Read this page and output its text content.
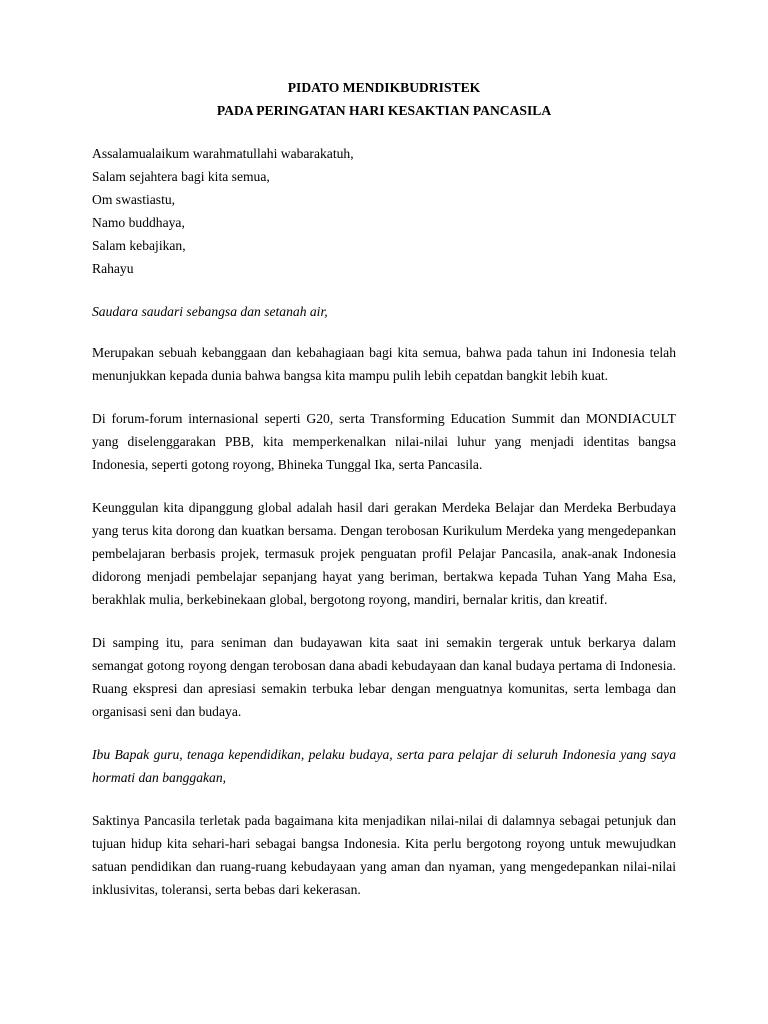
PIDATO MENDIKBUDRISTEK

PADA PERINGATAN HARI KESAKTIAN PANCASILA

Assalamualaikum warahmatullahi wabarakatuh,
Salam sejahtera bagi kita semua,
Om swastiastu,
Namo buddhaya,
Salam kebajikan,
Rahayu

Saudara saudari sebangsa dan setanah air,

Merupakan sebuah kebanggaan dan kebahagiaan bagi kita semua, bahwa pada tahun ini Indonesia telah menunjukkan kepada dunia bahwa bangsa kita mampu pulih lebih cepatdan bangkit lebih kuat.

Di forum-forum internasional seperti G20, serta Transforming Education Summit dan MONDIACULT yang diselenggarakan PBB, kita memperkenalkan nilai-nilai luhur yang menjadi identitas bangsa Indonesia, seperti gotong royong, Bhineka Tunggal Ika, serta Pancasila.

Keunggulan kita dipanggung global adalah hasil dari gerakan Merdeka Belajar dan Merdeka Berbudaya yang terus kita dorong dan kuatkan bersama. Dengan terobosan Kurikulum Merdeka yang mengedepankan pembelajaran berbasis projek, termasuk projek penguatan profil Pelajar Pancasila, anak-anak Indonesia didorong menjadi pembelajar sepanjang hayat yang beriman, bertakwa kepada Tuhan Yang Maha Esa, berakhlak mulia, berkebinekaan global, bergotong royong, mandiri, bernalar kritis, dan kreatif.

Di samping itu, para seniman dan budayawan kita saat ini semakin tergerak untuk berkarya dalam semangat gotong royong dengan terobosan dana abadi kebudayaan dan kanal budaya pertama di Indonesia. Ruang ekspresi dan apresiasi semakin terbuka lebar dengan menguatnya komunitas, serta lembaga dan organisasi seni dan budaya.

Ibu Bapak guru, tenaga kependidikan, pelaku budaya, serta para pelajar di seluruh Indonesia yang saya hormati dan banggakan,

Saktinya Pancasila terletak pada bagaimana kita menjadikan nilai-nilai di dalamnya sebagai petunjuk dan tujuan hidup kita sehari-hari sebagai bangsa Indonesia. Kita perlu bergotong royong untuk mewujudkan satuan pendidikan dan ruang-ruang kebudayaan yang aman dan nyaman, yang mengedepankan nilai-nilai inklusivitas, toleransi, serta bebas dari kekerasan.
